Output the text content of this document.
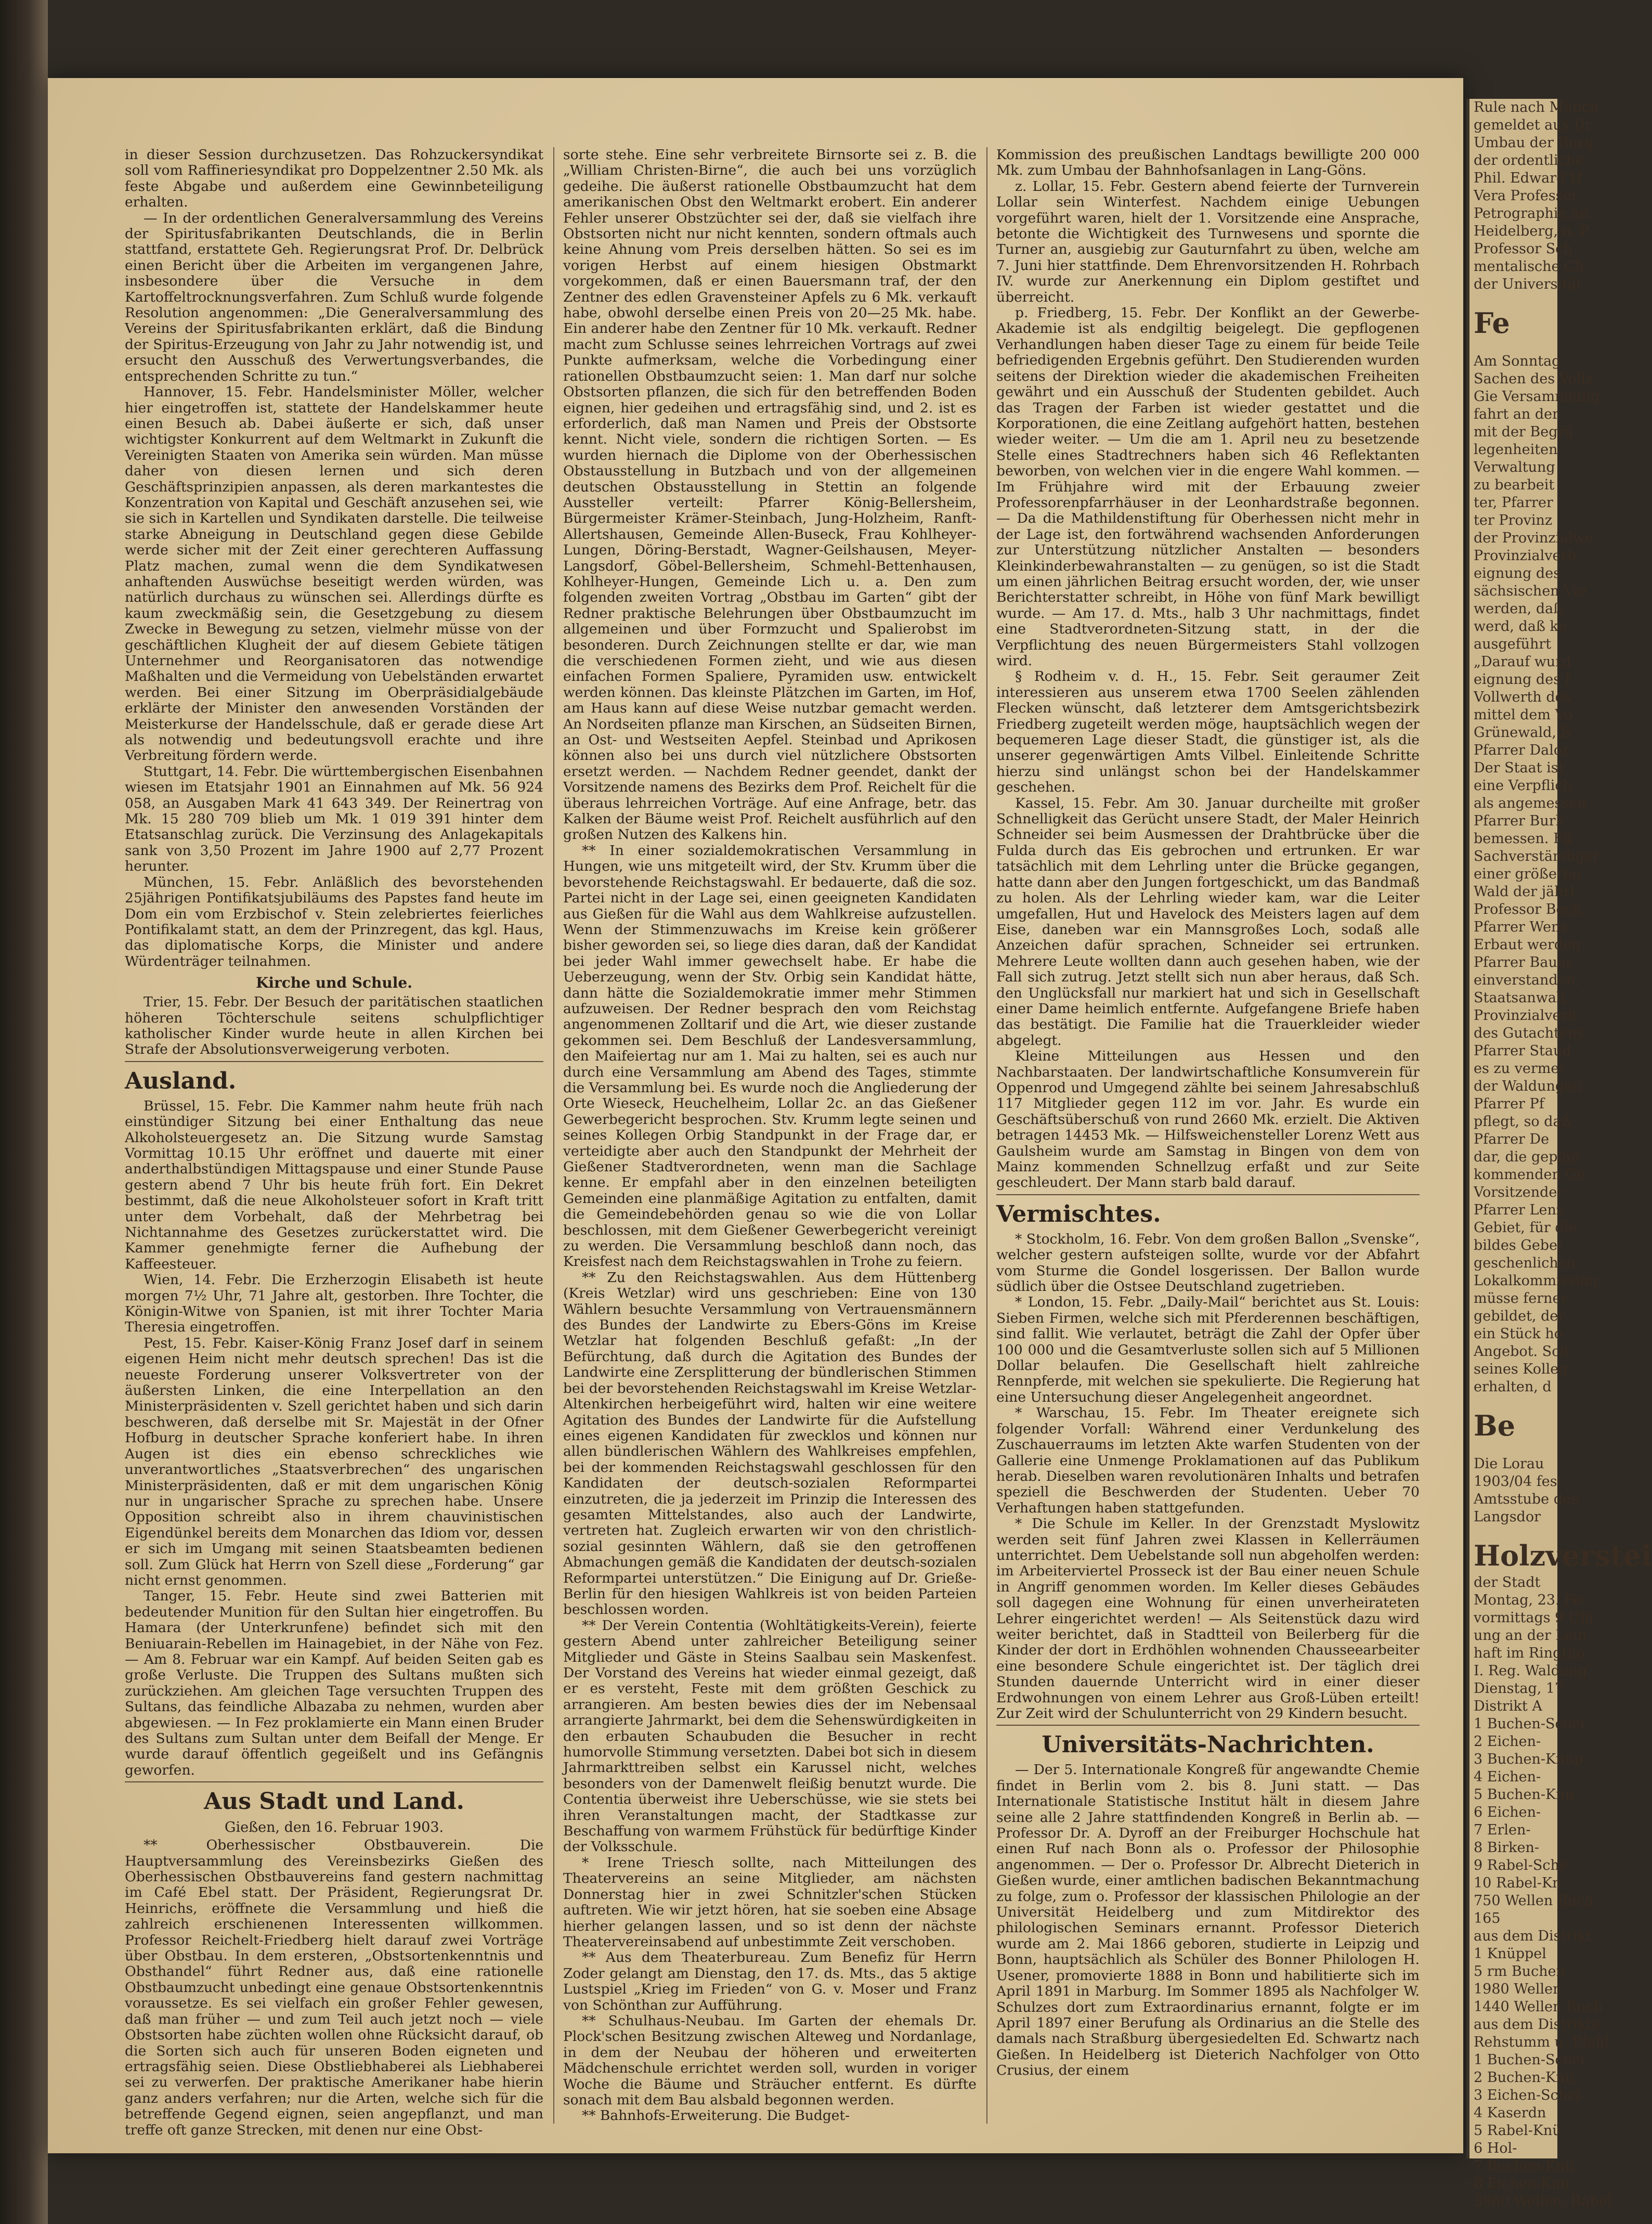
Rule nach Münch
gemeldet aus Dr
Umbau der Burg
der ordentliche
Phil. Edward H
Vera Professor
Petrographie an
Heidelberg, o. P
Professor Sch
mentalische Ch
der Universität
Fe
Am Sonntag
Sachen des Vollz
Gie Versammlung
fahrt an der
mit der Begrü
legenheiten
Verwaltung
zu bearbeit
ter, Pfarrer
ter Provinz
der Provinzialwe
Provinzialverb
eignung des
sächsischen Vie
werden, daß
werd, daß ke
ausgeführt
„Darauf wurd
eignung des I
Vollwerth des
mittel dem Vo
Grünewald, S
Pfarrer Dalor
Der Staat ist
eine Verpflich
als angemessen
Pfarrer Burk
bemessen. Fü
Sachverständiger
einer größeren
Wald der jährl
Professor Beck
Pfarrer Wenz
Erbaut werden
Pfarrer Bauer
einverstanden,
Staatsanwalt
Provinzialverb
des Gutachtens
Pfarrer Staud
es zu vermei
der Waldungen
Pfarrer Pf
pflegt, so daß
Pfarrer De
dar, die geplan
kommenden Ge
Vorsitzender
Pfarrer Lenz
Gebiet, für die
bildes Gebet
geschenlichen
Lokalkommission
müsse ferner
gebildet, der
ein Stück ho
Angebot. Sch
seines Kolleg
erhalten, d
Be
Die Lorau
1903/04 fest
Amtsstube des
Langsdor
Holzverstei
der Stadt
Montag, 23. Fe
vormittags 9 Uhr
ung an der Leih
haft im Ringtho
I. Reg. Waldung
Dienstag, 17
Distrikt A
1 Buchen-Schei
2 Eichen-
3 Buchen-Knüp
4 Eichen-
5 Buchen-Knü
6 Eichen-
7 Erlen-
8 Birken-
9 Rabel-Sche
10 Rabel-Kn
750 Wellen Buch
165
aus dem Distrikt
1 Knüppel
5 rm Buchen
1980 Wellen
1440 Wellen Buch
aus dem Distrikte
Rehstumm u. Pfahl
1 Buchen-Schei
2 Buchen-Knü
3 Eichen-Schei
4 Kaserdn
5 Rabel-Knü
6 Hol-
7 Buchen-Knü
8 Eichen-Knü
3960 Wellen, Rabel

in dieser Session durchzusetzen. Das Rohzuckersyndikat soll vom Raffineriesyndikat pro Doppelzentner 2.50 Mk. als feste Abgabe und außerdem eine Gewinnbeteiligung erhalten.

— In der ordentlichen Generalversammlung des Vereins der Spiritusfabrikanten Deutschlands, die in Berlin stattfand, erstattete Geh. Regierungsrat Prof. Dr. Delbrück einen Bericht über die Arbeiten im vergangenen Jahre, insbesondere über die Versuche in dem Kartoffeltrocknungsverfahren. Zum Schluß wurde folgende Resolution angenommen: „Die Generalversammlung des Vereins der Spiritusfabrikanten erklärt, daß die Bindung der Spiritus-Erzeugung von Jahr zu Jahr notwendig ist, und ersucht den Ausschuß des Verwertungsverbandes, die entsprechenden Schritte zu tun.“

Hannover, 15. Febr. Handelsminister Möller, welcher hier eingetroffen ist, stattete der Handelskammer heute einen Besuch ab. Dabei äußerte er sich, daß unser wichtigster Konkurrent auf dem Weltmarkt in Zukunft die Vereinigten Staaten von Amerika sein würden. Man müsse daher von diesen lernen und sich deren Geschäftsprinzipien anpassen, als deren markantestes die Konzentration von Kapital und Geschäft anzusehen sei, wie sie sich in Kartellen und Syndikaten darstelle. Die teilweise starke Abneigung in Deutschland gegen diese Gebilde werde sicher mit der Zeit einer gerechteren Auffassung Platz machen, zumal wenn die dem Syndikatwesen anhaftenden Auswüchse beseitigt werden würden, was natürlich durchaus zu wünschen sei. Allerdings dürfte es kaum zweckmäßig sein, die Gesetzgebung zu diesem Zwecke in Bewegung zu setzen, vielmehr müsse von der geschäftlichen Klugheit der auf diesem Gebiete tätigen Unternehmer und Reorganisatoren das notwendige Maßhalten und die Vermeidung von Uebelständen erwartet werden. Bei einer Sitzung im Oberpräsidialgebäude erklärte der Minister den anwesenden Vorständen der Meisterkurse der Handelsschule, daß er gerade diese Art als notwendig und bedeutungsvoll erachte und ihre Verbreitung fördern werde.

Stuttgart, 14. Febr. Die württembergischen Eisenbahnen wiesen im Etatsjahr 1901 an Einnahmen auf Mk. 56 924 058, an Ausgaben Mark 41 643 349. Der Reinertrag von Mk. 15 280 709 blieb um Mk. 1 019 391 hinter dem Etatsanschlag zurück. Die Verzinsung des Anlagekapitals sank von 3,50 Prozent im Jahre 1900 auf 2,77 Prozent herunter.

München, 15. Febr. Anläßlich des bevorstehenden 25jährigen Pontifikatsjubiläums des Papstes fand heute im Dom ein vom Erzbischof v. Stein zelebriertes feierliches Pontifikalamt statt, an dem der Prinzregent, das kgl. Haus, das diplomatische Korps, die Minister und andere Würdenträger teilnahmen.

Kirche und Schule.

Trier, 15. Febr. Der Besuch der paritätischen staatlichen höheren Töchterschule seitens schulpflichtiger katholischer Kinder wurde heute in allen Kirchen bei Strafe der Absolutionsverweigerung verboten.

Ausland.

Brüssel, 15. Febr. Die Kammer nahm heute früh nach einstündiger Sitzung bei einer Enthaltung das neue Alkoholsteuergesetz an. Die Sitzung wurde Samstag Vormittag 10.15 Uhr eröffnet und dauerte mit einer anderthalbstündigen Mittagspause und einer Stunde Pause gestern abend 7 Uhr bis heute früh fort. Ein Dekret bestimmt, daß die neue Alkoholsteuer sofort in Kraft tritt unter dem Vorbehalt, daß der Mehrbetrag bei Nichtannahme des Gesetzes zurückerstattet wird. Die Kammer genehmigte ferner die Aufhebung der Kaffeesteuer.

Wien, 14. Febr. Die Erzherzogin Elisabeth ist heute morgen 7½ Uhr, 71 Jahre alt, gestorben. Ihre Tochter, die Königin-Witwe von Spanien, ist mit ihrer Tochter Maria Theresia eingetroffen.

Pest, 15. Febr. Kaiser-König Franz Josef darf in seinem eigenen Heim nicht mehr deutsch sprechen! Das ist die neueste Forderung unserer Volksvertreter von der äußersten Linken, die eine Interpellation an den Ministerpräsidenten v. Szell gerichtet haben und sich darin beschweren, daß derselbe mit Sr. Majestät in der Ofner Hofburg in deutscher Sprache konferiert habe. In ihren Augen ist dies ein ebenso schreckliches wie unverantwortliches „Staatsverbrechen“ des ungarischen Ministerpräsidenten, daß er mit dem ungarischen König nur in ungarischer Sprache zu sprechen habe. Unsere Opposition schreibt also in ihrem chauvinistischen Eigendünkel bereits dem Monarchen das Idiom vor, dessen er sich im Umgang mit seinen Staatsbeamten bedienen soll. Zum Glück hat Herrn von Szell diese „Forderung“ gar nicht ernst genommen.

Tanger, 15. Febr. Heute sind zwei Batterien mit bedeutender Munition für den Sultan hier eingetroffen. Bu Hamara (der Unterkrunfene) befindet sich mit den Beniuarain-Rebellen im Hainagebiet, in der Nähe von Fez. — Am 8. Februar war ein Kampf. Auf beiden Seiten gab es große Verluste. Die Truppen des Sultans mußten sich zurückziehen. Am gleichen Tage versuchten Truppen des Sultans, das feindliche Albazaba zu nehmen, wurden aber abgewiesen. — In Fez proklamierte ein Mann einen Bruder des Sultans zum Sultan unter dem Beifall der Menge. Er wurde darauf öffentlich gegeißelt und ins Gefängnis geworfen.

Aus Stadt und Land.
Gießen, den 16. Februar 1903.

** Oberhessischer Obstbauverein. Die Hauptversammlung des Vereinsbezirks Gießen des Oberhessischen Obstbauvereins fand gestern nachmittag im Café Ebel statt. Der Präsident, Regierungsrat Dr. Heinrichs, eröffnete die Versammlung und hieß die zahlreich erschienenen Interessenten willkommen. Professor Reichelt-Friedberg hielt darauf zwei Vorträge über Obstbau. In dem ersteren, „Obstsortenkenntnis und Obsthandel“ führt Redner aus, daß eine rationelle Obstbaumzucht unbedingt eine genaue Obstsortenkenntnis voraussetze. Es sei vielfach ein großer Fehler gewesen, daß man früher — und zum Teil auch jetzt noch — viele Obstsorten habe züchten wollen ohne Rücksicht darauf, ob die Sorten sich auch für unseren Boden eigneten und ertragsfähig seien. Diese Obstliebhaberei als Liebhaberei sei zu verwerfen. Der praktische Amerikaner habe hierin ganz anders verfahren; nur die Arten, welche sich für die betreffende Gegend eignen, seien angepflanzt, und man treffe oft ganze Strecken, mit denen nur eine Obst-

sorte stehe. Eine sehr verbreitete Birnsorte sei z. B. die „William Christen-Birne“, die auch bei uns vorzüglich gedeihe. Die äußerst rationelle Obstbaumzucht hat dem amerikanischen Obst den Weltmarkt erobert. Ein anderer Fehler unserer Obstzüchter sei der, daß sie vielfach ihre Obstsorten nicht nur nicht kennten, sondern oftmals auch keine Ahnung vom Preis derselben hätten. So sei es im vorigen Herbst auf einem hiesigen Obstmarkt vorgekommen, daß er einen Bauersmann traf, der den Zentner des edlen Gravensteiner Apfels zu 6 Mk. verkauft habe, obwohl derselbe einen Preis von 20—25 Mk. habe. Ein anderer habe den Zentner für 10 Mk. verkauft. Redner macht zum Schlusse seines lehrreichen Vortrags auf zwei Punkte aufmerksam, welche die Vorbedingung einer rationellen Obstbaumzucht seien: 1. Man darf nur solche Obstsorten pflanzen, die sich für den betreffenden Boden eignen, hier gedeihen und ertragsfähig sind, und 2. ist es erforderlich, daß man Namen und Preis der Obstsorte kennt. Nicht viele, sondern die richtigen Sorten. — Es wurden hiernach die Diplome von der Oberhessischen Obstausstellung in Butzbach und von der allgemeinen deutschen Obstausstellung in Stettin an folgende Aussteller verteilt: Pfarrer König-Bellersheim, Bürgermeister Krämer-Steinbach, Jung-Holzheim, Ranft-Allertshausen, Gemeinde Allen-Buseck, Frau Kohlheyer-Lungen, Döring-Berstadt, Wagner-Geilshausen, Meyer-Langsdorf, Göbel-Bellersheim, Schmehl-Bettenhausen, Kohlheyer-Hungen, Gemeinde Lich u. a. Den zum folgenden zweiten Vortrag „Obstbau im Garten“ gibt der Redner praktische Belehrungen über Obstbaumzucht im allgemeinen und über Formzucht und Spalierobst im besonderen. Durch Zeichnungen stellte er dar, wie man die verschiedenen Formen zieht, und wie aus diesen einfachen Formen Spaliere, Pyramiden usw. entwickelt werden können. Das kleinste Plätzchen im Garten, im Hof, am Haus kann auf diese Weise nutzbar gemacht werden. An Nordseiten pflanze man Kirschen, an Südseiten Birnen, an Ost- und Westseiten Aepfel. Steinbad und Aprikosen können also bei uns durch viel nützlichere Obstsorten ersetzt werden. — Nachdem Redner geendet, dankt der Vorsitzende namens des Bezirks dem Prof. Reichelt für die überaus lehrreichen Vorträge. Auf eine Anfrage, betr. das Kalken der Bäume weist Prof. Reichelt ausführlich auf den großen Nutzen des Kalkens hin.

** In einer sozialdemokratischen Versammlung in Hungen, wie uns mitgeteilt wird, der Stv. Krumm über die bevorstehende Reichstagswahl. Er bedauerte, daß die soz. Partei nicht in der Lage sei, einen geeigneten Kandidaten aus Gießen für die Wahl aus dem Wahlkreise aufzustellen. Wenn der Stimmenzuwachs im Kreise kein größerer bisher geworden sei, so liege dies daran, daß der Kandidat bei jeder Wahl immer gewechselt habe. Er habe die Ueberzeugung, wenn der Stv. Orbig sein Kandidat hätte, dann hätte die Sozialdemokratie immer mehr Stimmen aufzuweisen. Der Redner besprach den vom Reichstag angenommenen Zolltarif und die Art, wie dieser zustande gekommen sei. Dem Beschluß der Landesversammlung, den Maifeiertag nur am 1. Mai zu halten, sei es auch nur durch eine Versammlung am Abend des Tages, stimmte die Versammlung bei. Es wurde noch die Angliederung der Orte Wieseck, Heuchelheim, Lollar 2c. an das Gießener Gewerbegericht besprochen. Stv. Krumm legte seinen und seines Kollegen Orbig Standpunkt in der Frage dar, er verteidigte aber auch den Standpunkt der Mehrheit der Gießener Stadtverordneten, wenn man die Sachlage kenne. Er empfahl aber in den einzelnen beteiligten Gemeinden eine planmäßige Agitation zu entfalten, damit die Gemeindebehörden genau so wie die von Lollar beschlossen, mit dem Gießener Gewerbegericht vereinigt zu werden. Die Versammlung beschloß dann noch, das Kreisfest nach dem Reichstagswahlen in Trohe zu feiern.

** Zu den Reichstagswahlen. Aus dem Hüttenberg (Kreis Wetzlar) wird uns geschrieben: Eine von 130 Wählern besuchte Versammlung von Vertrauensmännern des Bundes der Landwirte zu Ebers-Göns im Kreise Wetzlar hat folgenden Beschluß gefaßt: „In der Befürchtung, daß durch die Agitation des Bundes der Landwirte eine Zersplitterung der bündlerischen Stimmen bei der bevorstehenden Reichstagswahl im Kreise Wetzlar-Altenkirchen herbeigeführt wird, halten wir eine weitere Agitation des Bundes der Landwirte für die Aufstellung eines eigenen Kandidaten für zwecklos und können nur allen bündlerischen Wählern des Wahlkreises empfehlen, bei der kommenden Reichstagswahl geschlossen für den Kandidaten der deutsch-sozialen Reformpartei einzutreten, die ja jederzeit im Prinzip die Interessen des gesamten Mittelstandes, also auch der Landwirte, vertreten hat. Zugleich erwarten wir von den christlich-sozial gesinnten Wählern, daß sie den getroffenen Abmachungen gemäß die Kandidaten der deutsch-sozialen Reformpartei unterstützen.“ Die Einigung auf Dr. Grieße-Berlin für den hiesigen Wahlkreis ist von beiden Parteien beschlossen worden.

** Der Verein Contentia (Wohltätigkeits-Verein), feierte gestern Abend unter zahlreicher Beteiligung seiner Mitglieder und Gäste in Steins Saalbau sein Maskenfest. Der Vorstand des Vereins hat wieder einmal gezeigt, daß er es versteht, Feste mit dem größten Geschick zu arrangieren. Am besten bewies dies der im Nebensaal arrangierte Jahrmarkt, bei dem die Sehenswürdigkeiten in den erbauten Schaubuden die Besucher in recht humorvolle Stimmung versetzten. Dabei bot sich in diesem Jahrmarkttreiben selbst ein Karussel nicht, welches besonders von der Damenwelt fleißig benutzt wurde. Die Contentia überweist ihre Ueberschüsse, wie sie stets bei ihren Veranstaltungen macht, der Stadtkasse zur Beschaffung von warmem Frühstück für bedürftige Kinder der Volksschule.

* Irene Triesch sollte, nach Mitteilungen des Theatervereins an seine Mitglieder, am nächsten Donnerstag hier in zwei Schnitzler'schen Stücken auftreten. Wie wir jetzt hören, hat sie soeben eine Absage hierher gelangen lassen, und so ist denn der nächste Theatervereinsabend auf unbestimmte Zeit verschoben.

** Aus dem Theaterbureau. Zum Benefiz für Herrn Zoder gelangt am Dienstag, den 17. ds. Mts., das 5 aktige Lustspiel „Krieg im Frieden“ von G. v. Moser und Franz von Schönthan zur Aufführung.

** Schulhaus-Neubau. Im Garten der ehemals Dr. Plock'schen Besitzung zwischen Alteweg und Nordanlage, in dem der Neubau der höheren und erweiterten Mädchenschule errichtet werden soll, wurden in voriger Woche die Bäume und Sträucher entfernt. Es dürfte sonach mit dem Bau alsbald begonnen werden.

** Bahnhofs-Erweiterung. Die Budget-

Kommission des preußischen Landtags bewilligte 200 000 Mk. zum Umbau der Bahnhofsanlagen in Lang-Göns.

z. Lollar, 15. Febr. Gestern abend feierte der Turnverein Lollar sein Winterfest. Nachdem einige Uebungen vorgeführt waren, hielt der 1. Vorsitzende eine Ansprache, betonte die Wichtigkeit des Turnwesens und spornte die Turner an, ausgiebig zur Gauturnfahrt zu üben, welche am 7. Juni hier stattfinde. Dem Ehrenvorsitzenden H. Rohrbach IV. wurde zur Anerkennung ein Diplom gestiftet und überreicht.

p. Friedberg, 15. Febr. Der Konflikt an der Gewerbe-Akademie ist als endgiltig beigelegt. Die gepflogenen Verhandlungen haben dieser Tage zu einem für beide Teile befriedigenden Ergebnis geführt. Den Studierenden wurden seitens der Direktion wieder die akademischen Freiheiten gewährt und ein Ausschuß der Studenten gebildet. Auch das Tragen der Farben ist wieder gestattet und die Korporationen, die eine Zeitlang aufgehört hatten, bestehen wieder weiter. — Um die am 1. April neu zu besetzende Stelle eines Stadtrechners haben sich 46 Reflektanten beworben, von welchen vier in die engere Wahl kommen. — Im Frühjahre wird mit der Erbauung zweier Professorenpfarrhäuser in der Leonhardstraße begonnen. — Da die Mathildenstiftung für Oberhessen nicht mehr in der Lage ist, den fortwährend wachsenden Anforderungen zur Unterstützung nützlicher Anstalten — besonders Kleinkinderbewahranstalten — zu genügen, so ist die Stadt um einen jährlichen Beitrag ersucht worden, der, wie unser Berichterstatter schreibt, in Höhe von fünf Mark bewilligt wurde. — Am 17. d. Mts., halb 3 Uhr nachmittags, findet eine Stadtverordneten-Sitzung statt, in der die Verpflichtung des neuen Bürgermeisters Stahl vollzogen wird.

§ Rodheim v. d. H., 15. Febr. Seit geraumer Zeit interessieren aus unserem etwa 1700 Seelen zählenden Flecken wünscht, daß letzterer dem Amtsgerichtsbezirk Friedberg zugeteilt werden möge, hauptsächlich wegen der bequemeren Lage dieser Stadt, die günstiger ist, als die unserer gegenwärtigen Amts Vilbel. Einleitende Schritte hierzu sind unlängst schon bei der Handelskammer geschehen.

Kassel, 15. Febr. Am 30. Januar durcheilte mit großer Schnelligkeit das Gerücht unsere Stadt, der Maler Heinrich Schneider sei beim Ausmessen der Drahtbrücke über die Fulda durch das Eis gebrochen und ertrunken. Er war tatsächlich mit dem Lehrling unter die Brücke gegangen, hatte dann aber den Jungen fortgeschickt, um das Bandmaß zu holen. Als der Lehrling wieder kam, war die Leiter umgefallen, Hut und Havelock des Meisters lagen auf dem Eise, daneben war ein Mannsgroßes Loch, sodaß alle Anzeichen dafür sprachen, Schneider sei ertrunken. Mehrere Leute wollten dann auch gesehen haben, wie der Fall sich zutrug. Jetzt stellt sich nun aber heraus, daß Sch. den Unglücksfall nur markiert hat und sich in Gesellschaft einer Dame heimlich entfernte. Aufgefangene Briefe haben das bestätigt. Die Familie hat die Trauerkleider wieder abgelegt.

Kleine Mitteilungen aus Hessen und den Nachbarstaaten. Der landwirtschaftliche Konsumverein für Oppenrod und Umgegend zählte bei seinem Jahresabschluß 117 Mitglieder gegen 112 im vor. Jahr. Es wurde ein Geschäftsüberschuß von rund 2660 Mk. erzielt. Die Aktiven betragen 14453 Mk. — Hilfsweichensteller Lorenz Wett aus Gaulsheim wurde am Samstag in Bingen von dem von Mainz kommenden Schnellzug erfaßt und zur Seite geschleudert. Der Mann starb bald darauf.

Vermischtes.

* Stockholm, 16. Febr. Von dem großen Ballon „Svenske“, welcher gestern aufsteigen sollte, wurde vor der Abfahrt vom Sturme die Gondel losgerissen. Der Ballon wurde südlich über die Ostsee Deutschland zugetrieben.

* London, 15. Febr. „Daily-Mail“ berichtet aus St. Louis: Sieben Firmen, welche sich mit Pferderennen beschäftigen, sind fallit. Wie verlautet, beträgt die Zahl der Opfer über 100 000 und die Gesamtverluste sollen sich auf 5 Millionen Dollar belaufen. Die Gesellschaft hielt zahlreiche Rennpferde, mit welchen sie spekulierte. Die Regierung hat eine Untersuchung dieser Angelegenheit angeordnet.

* Warschau, 15. Febr. Im Theater ereignete sich folgender Vorfall: Während einer Verdunkelung des Zuschauerraums im letzten Akte warfen Studenten von der Gallerie eine Unmenge Proklamationen auf das Publikum herab. Dieselben waren revolutionären Inhalts und betrafen speziell die Beschwerden der Studenten. Ueber 70 Verhaftungen haben stattgefunden.

* Die Schule im Keller. In der Grenzstadt Myslowitz werden seit fünf Jahren zwei Klassen in Kellerräumen unterrichtet. Dem Uebelstande soll nun abgeholfen werden: im Arbeiterviertel Prosseck ist der Bau einer neuen Schule in Angriff genommen worden. Im Keller dieses Gebäudes soll dagegen eine Wohnung für einen unverheirateten Lehrer eingerichtet werden! — Als Seitenstück dazu wird weiter berichtet, daß in Stadtteil von Beilerberg für die Kinder der dort in Erdhöhlen wohnenden Chausseearbeiter eine besondere Schule eingerichtet ist. Der täglich drei Stunden dauernde Unterricht wird in einer dieser Erdwohnungen von einem Lehrer aus Groß-Lüben erteilt! Zur Zeit wird der Schulunterricht von 29 Kindern besucht.

Universitäts-Nachrichten.

— Der 5. Internationale Kongreß für angewandte Chemie findet in Berlin vom 2. bis 8. Juni statt. — Das Internationale Statistische Institut hält in diesem Jahre seine alle 2 Jahre stattfindenden Kongreß in Berlin ab. — Professor Dr. A. Dyroff an der Freiburger Hochschule hat einen Ruf nach Bonn als o. Professor der Philosophie angenommen. — Der o. Professor Dr. Albrecht Dieterich in Gießen wurde, einer amtlichen badischen Bekanntmachung zu folge, zum o. Professor der klassischen Philologie an der Universität Heidelberg und zum Mitdirektor des philologischen Seminars ernannt. Professor Dieterich wurde am 2. Mai 1866 geboren, studierte in Leipzig und Bonn, hauptsächlich als Schüler des Bonner Philologen H. Usener, promovierte 1888 in Bonn und habilitierte sich im April 1891 in Marburg. Im Sommer 1895 als Nachfolger W. Schulzes dort zum Extraordinarius ernannt, folgte er im April 1897 einer Berufung als Ordinarius an die Stelle des damals nach Straßburg übergesiedelten Ed. Schwartz nach Gießen. In Heidelberg ist Dieterich Nachfolger von Otto Crusius, der einem
